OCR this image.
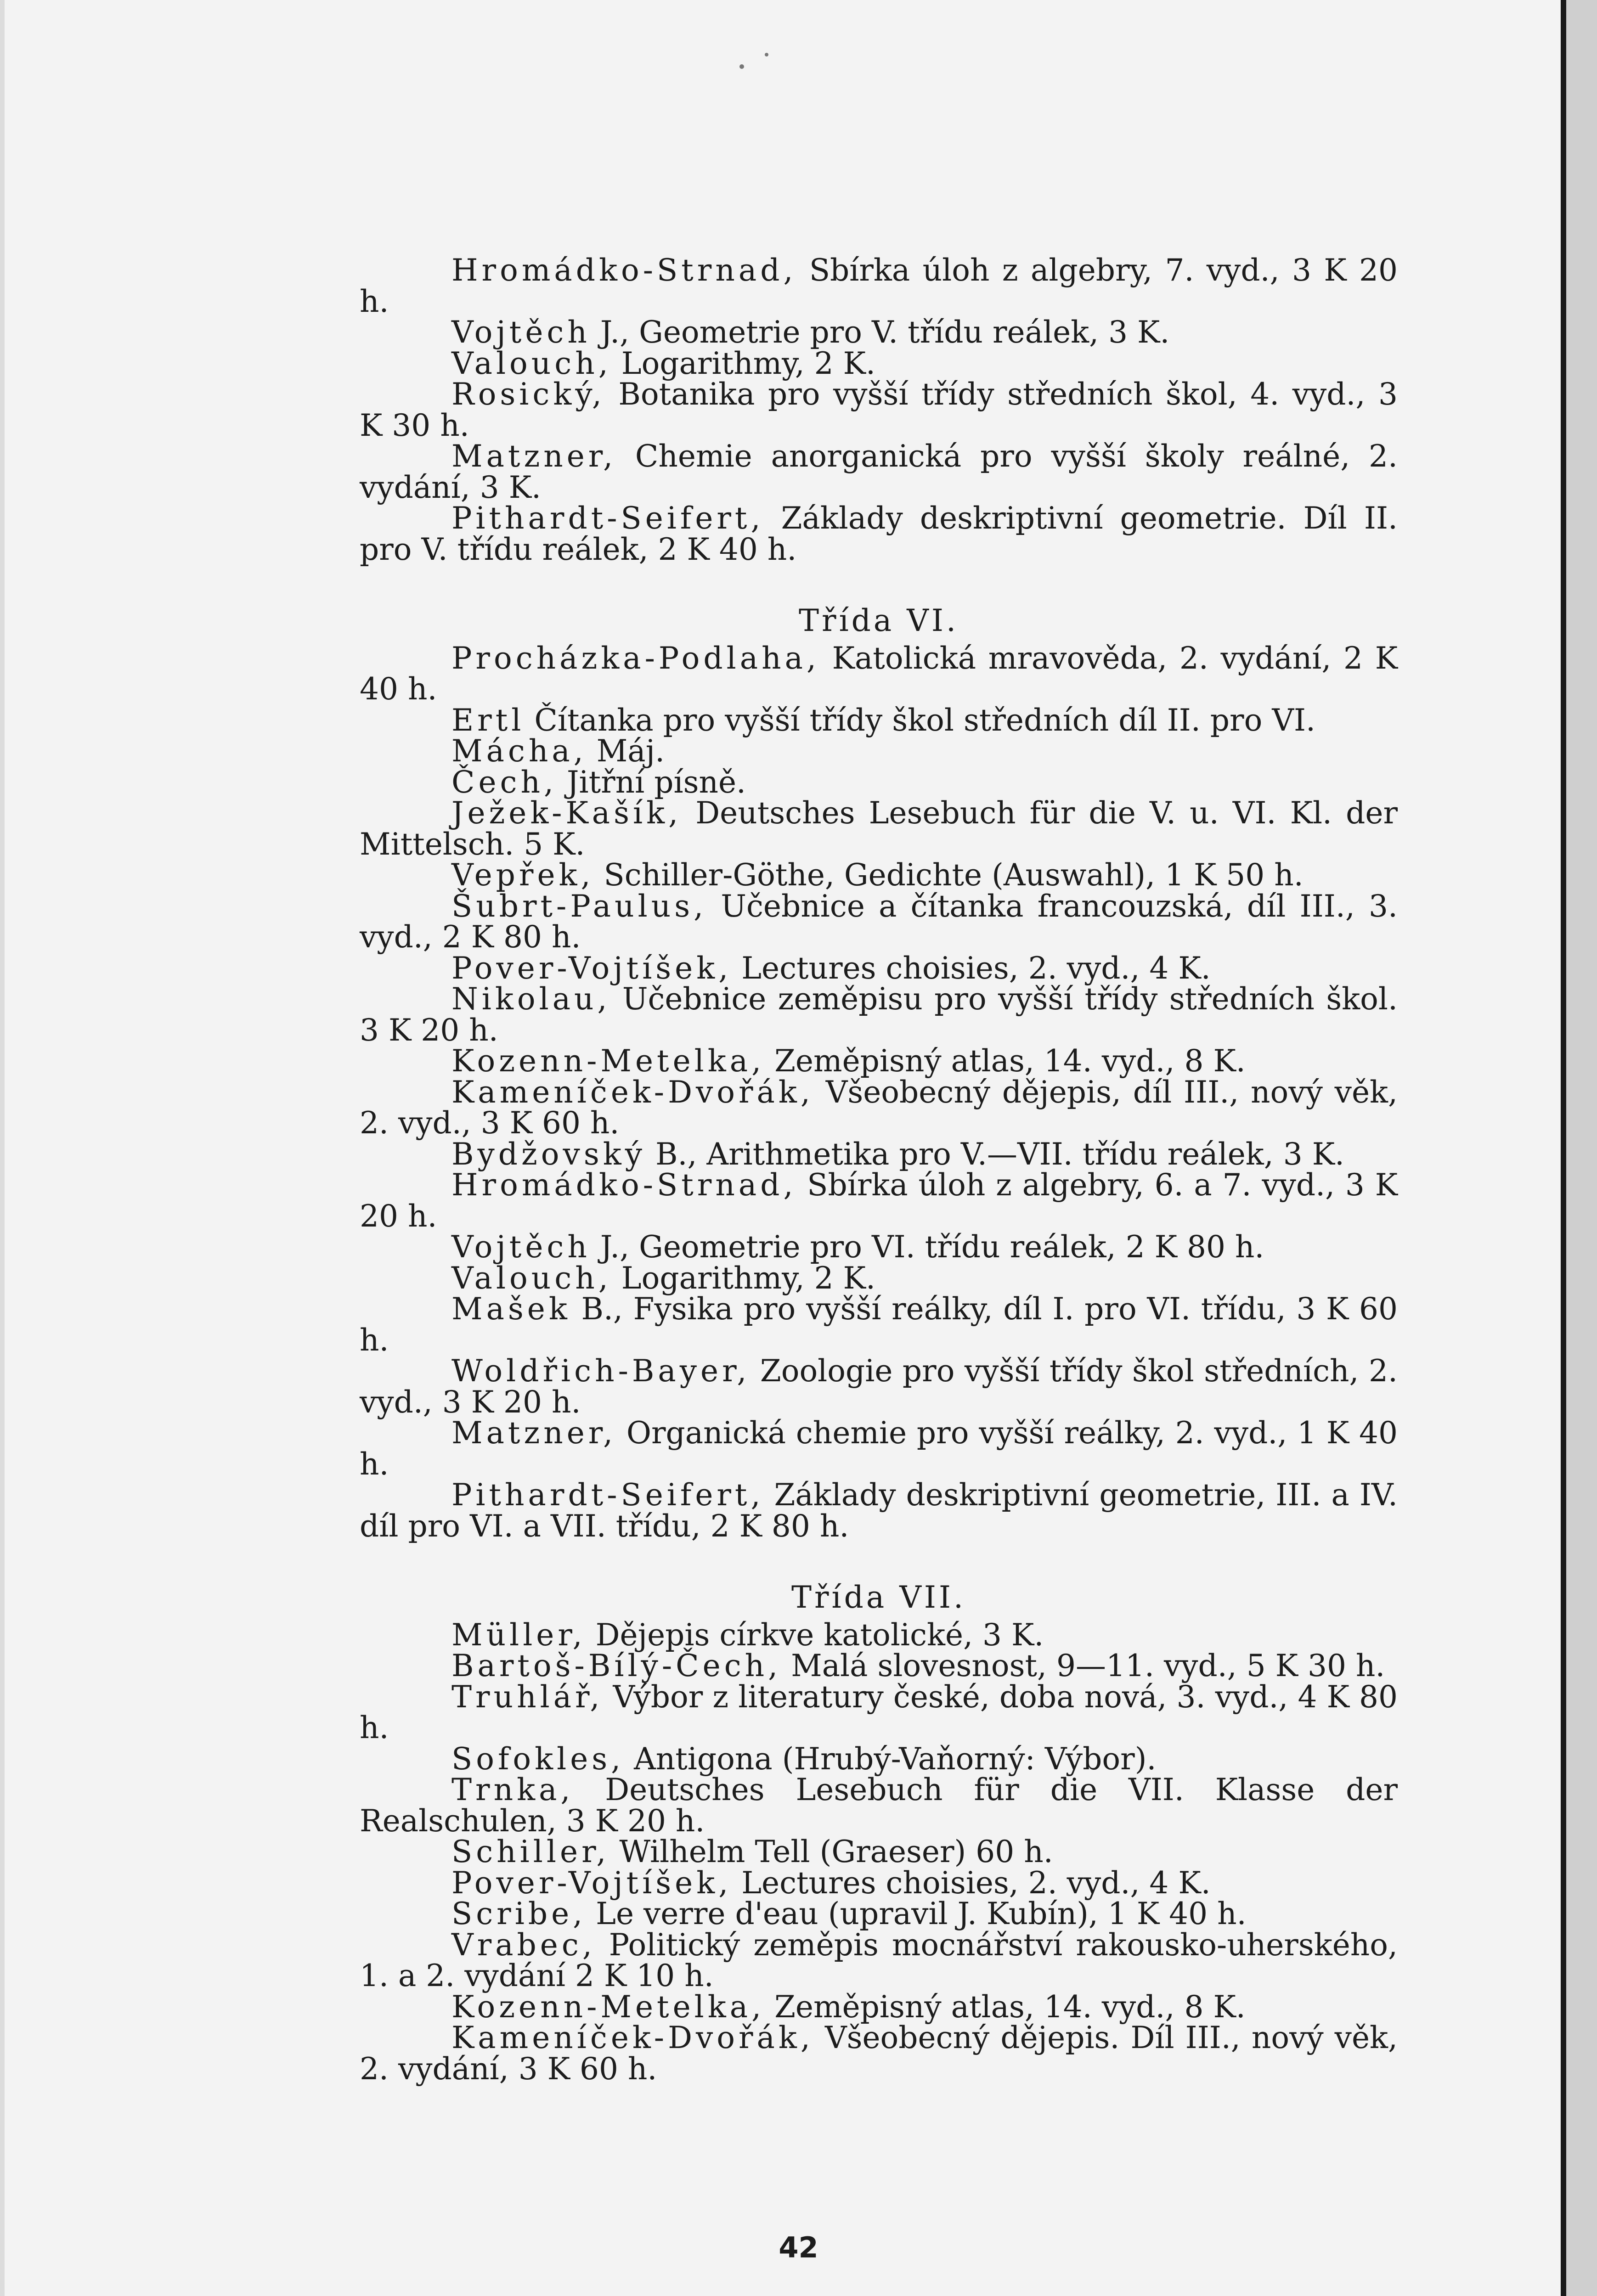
Hromádko-Strnad, Sbírka úloh z algebry, 7. vyd., 3 K 20 h.

Vojtěch J., Geometrie pro V. třídu reálek, 3 K.

Valouch, Logarithmy, 2 K.

Rosický, Botanika pro vyšší třídy středních škol, 4. vyd., 3 K 30 h.

Matzner, Chemie anorganická pro vyšší školy reálné, 2. vydání, 3 K.

Pithardt-Seifert, Základy deskriptivní geometrie. Díl II. pro V. třídu reálek, 2 K 40 h.

Třída VI.

Procházka-Podlaha, Katolická mravověda, 2. vydání, 2 K 40 h.

Ertl Čítanka pro vyšší třídy škol středních díl II. pro VI.

Mácha, Máj.

Čech, Jitřní písně.

Ježek-Kašík, Deutsches Lesebuch für die V. u. VI. Kl. der Mittelsch. 5 K.

Vepřek, Schiller-Göthe, Gedichte (Auswahl), 1 K 50 h.

Šubrt-Paulus, Učebnice a čítanka francouzská, díl III., 3. vyd., 2 K 80 h.

Pover-Vojtíšek, Lectures choisies, 2. vyd., 4 K.

Nikolau, Učebnice zeměpisu pro vyšší třídy středních škol. 3 K 20 h.

Kozenn-Metelka, Zeměpisný atlas, 14. vyd., 8 K.

Kameníček-Dvořák, Všeobecný dějepis, díl III., nový věk, 2. vyd., 3 K 60 h.

Bydžovský B., Arithmetika pro V.—VII. třídu reálek, 3 K.

Hromádko-Strnad, Sbírka úloh z algebry, 6. a 7. vyd., 3 K 20 h.

Vojtěch J., Geometrie pro VI. třídu reálek, 2 K 80 h.

Valouch, Logarithmy, 2 K.

Mašek B., Fysika pro vyšší reálky, díl I. pro VI. třídu, 3 K 60 h.

Woldřich-Bayer, Zoologie pro vyšší třídy škol středních, 2. vyd., 3 K 20 h.

Matzner, Organická chemie pro vyšší reálky, 2. vyd., 1 K 40 h.

Pithardt-Seifert, Základy deskriptivní geometrie, III. a IV. díl pro VI. a VII. třídu, 2 K 80 h.

Třída VII.

Müller, Dějepis církve katolické, 3 K.

Bartoš-Bílý-Čech, Malá slovesnost, 9—11. vyd., 5 K 30 h.

Truhlář, Výbor z literatury české, doba nová, 3. vyd., 4 K 80 h.

Sofokles, Antigona (Hrubý-Vaňorný: Výbor).

Trnka, Deutsches Lesebuch für die VII. Klasse der Realschulen, 3 K 20 h.

Schiller, Wilhelm Tell (Graeser) 60 h.

Pover-Vojtíšek, Lectures choisies, 2. vyd., 4 K.

Scribe, Le verre d'eau (upravil J. Kubín), 1 K 40 h.

Vrabec, Politický zeměpis mocnářství rakousko-uherského, 1. a 2. vydání 2 K 10 h.

Kozenn-Metelka, Zeměpisný atlas, 14. vyd., 8 K.

Kameníček-Dvořák, Všeobecný dějepis. Díl III., nový věk, 2. vydání, 3 K 60 h.

42
